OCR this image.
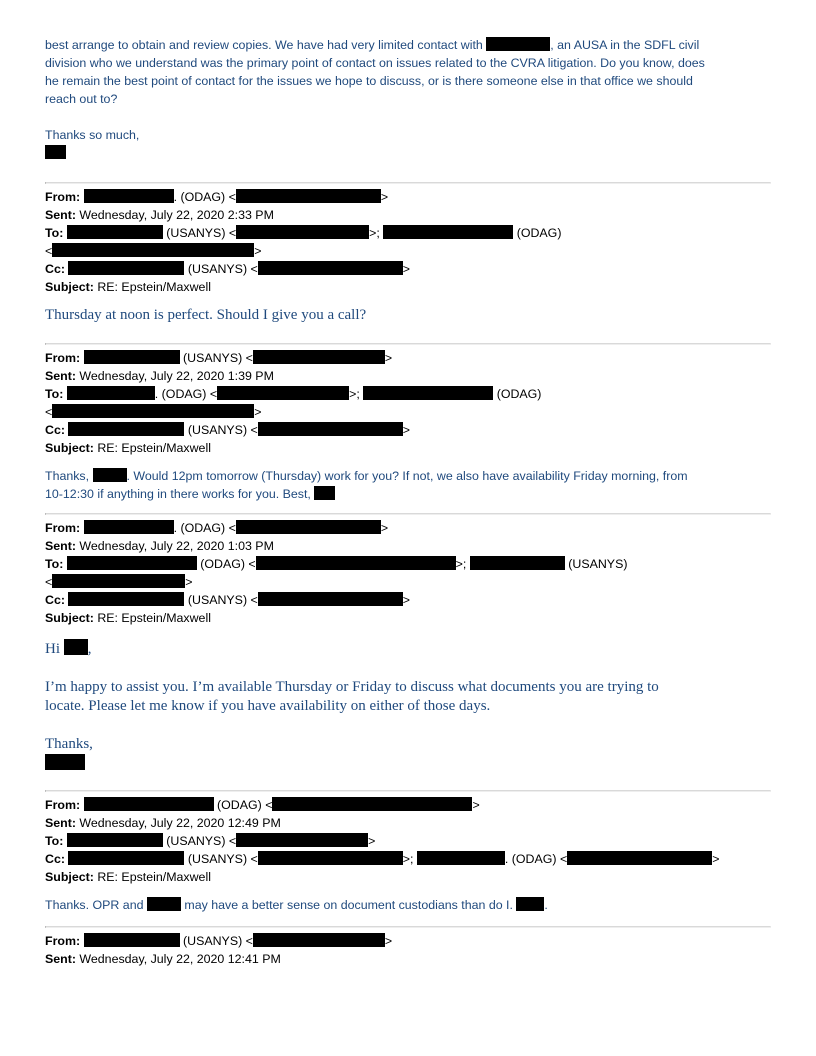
best arrange to obtain and review copies. We have had very limited contact with	, an AUSA in the SDFL civil

division who we understand was the primary point of contact on issues related to the CVRA litigation. Do you know, does

he remain the best point of contact for the issues we hope to discuss, or is there someone else in that office we should

reach out to?

Thanks so much,

From:	. (ODAG) <	>
Sent: Wednesday, July 22, 2020 2:33 PM
To:	(USANYS) <	>;	(ODAG)
<	>
Cc:	(USANYS) <	>
Subject: RE: Epstein/Maxwell

Thursday at noon is perfect. Should I give you a call?

From:	(USANYS) <	>
Sent: Wednesday, July 22, 2020 1:39 PM
To:	. (ODAG) <	>;	(ODAG)
<	>
Cc:	(USANYS) <	>
Subject: RE: Epstein/Maxwell

Thanks,	. Would 12pm tomorrow (Thursday) work for you? If not, we also have availability Friday morning, from

10-12:30 if anything in there works for you. Best,

From:	. (ODAG) <	>
Sent: Wednesday, July 22, 2020 1:03 PM
To:	(ODAG) <	>;	(USANYS)
<	>
Cc:	(USANYS) <	>
Subject: RE: Epstein/Maxwell

Hi ,

I’m happy to assist you. I’m available Thursday or Friday to discuss what documents you are trying to

locate. Please let me know if you have availability on either of those days.

Thanks,

From:	(ODAG) <	>
Sent: Wednesday, July 22, 2020 12:49 PM
To:	(USANYS) <	>
Cc:	(USANYS) <	>;	. (ODAG) <	>
Subject: RE: Epstein/Maxwell

Thanks. OPR and	may have a better sense on document custodians than do I. .

From:	(USANYS) <	>
Sent: Wednesday, July 22, 2020 12:41 PM
